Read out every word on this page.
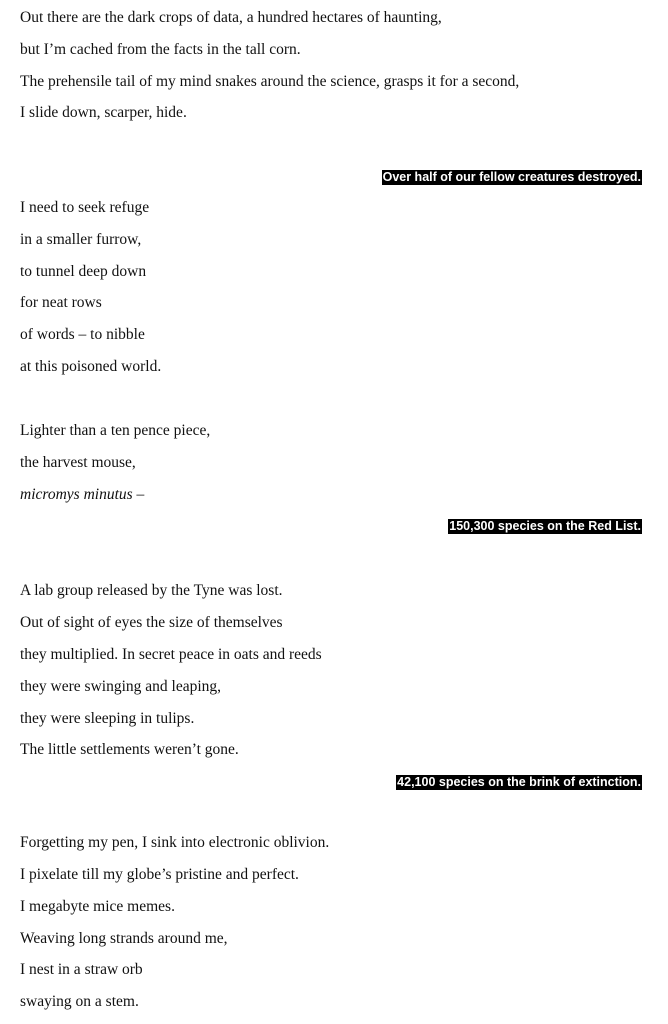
Out there are the dark crops of data, a hundred hectares of haunting,
but I’m cached from the facts in the tall corn.
The prehensile tail of my mind snakes around the science, grasps it for a second,
I slide down, scarper, hide.
Over half of our fellow creatures destroyed.
I need to seek refuge
in a smaller furrow,
to tunnel deep down
for neat rows
of words – to nibble
at this poisoned world.
Lighter than a ten pence piece,
the harvest mouse,
micromys minutus –
150,300 species on the Red List.
A lab group released by the Tyne was lost.
Out of sight of eyes the size of themselves
they multiplied. In secret peace in oats and reeds
they were swinging and leaping,
they were sleeping in tulips.
The little settlements weren’t gone.
42,100 species on the brink of extinction.
Forgetting my pen, I sink into electronic oblivion.
I pixelate till my globe’s pristine and perfect.
I megabyte mice memes.
Weaving long strands around me,
I nest in a straw orb
swaying on a stem.
